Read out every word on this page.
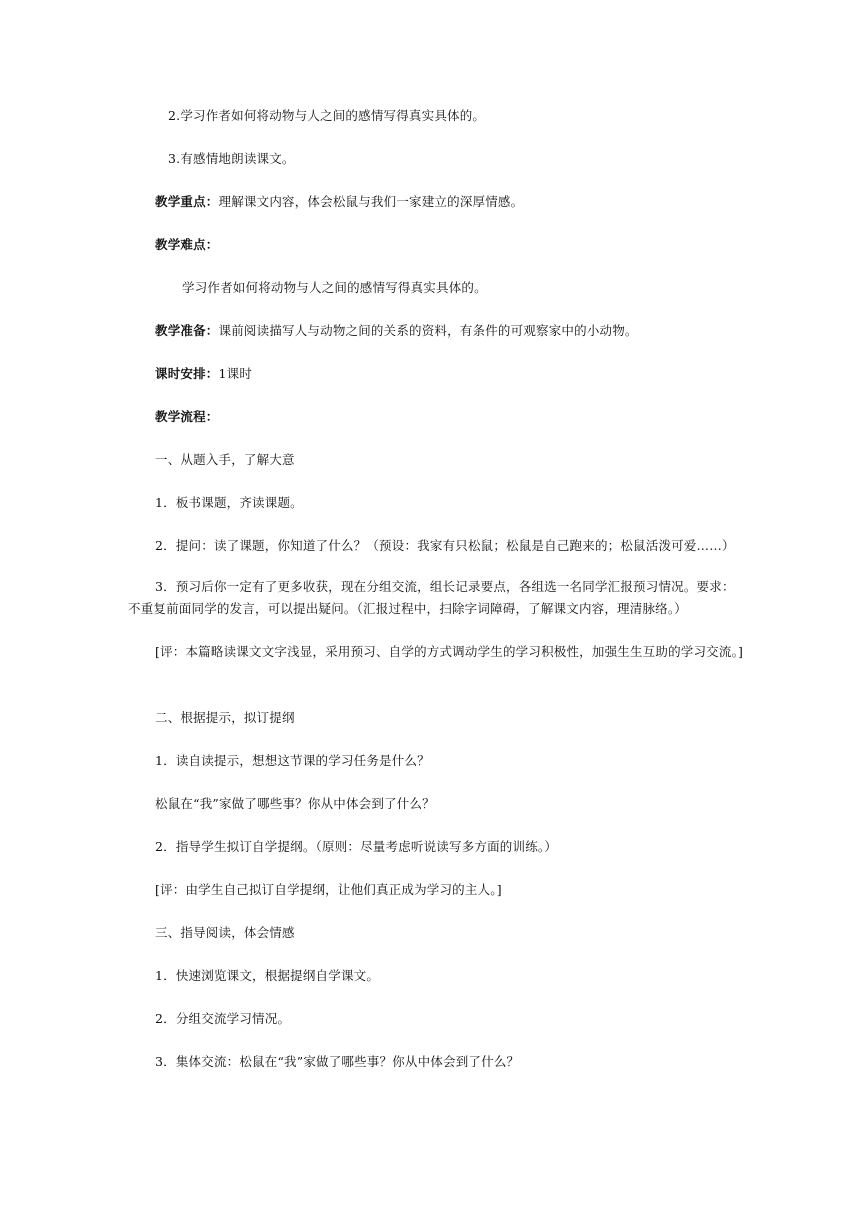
2.学习作者如何将动物与人之间的感情写得真实具体的。
3.有感情地朗读课文。
教学重点：理解课文内容，体会松鼠与我们一家建立的深厚情感。
教学难点：
学习作者如何将动物与人之间的感情写得真实具体的。
教学准备：课前阅读描写人与动物之间的关系的资料，有条件的可观察家中的小动物。
课时安排：1课时
教学流程：
一、从题入手，了解大意
1．板书课题，齐读课题。
2．提问：读了课题，你知道了什么？（预设：我家有只松鼠；松鼠是自己跑来的；松鼠活泼可爱……）
3．预习后你一定有了更多收获，现在分组交流，组长记录要点，各组选一名同学汇报预习情况。要求：不重复前面同学的发言，可以提出疑问。（汇报过程中，扫除字词障碍，了解课文内容，理清脉络。）
[评：本篇略读课文文字浅显，采用预习、自学的方式调动学生的学习积极性，加强生生互助的学习交流。]
二、根据提示，拟订提纲
1．读自读提示，想想这节课的学习任务是什么？
松鼠在“我”家做了哪些事？你从中体会到了什么？
2．指导学生拟订自学提纲。（原则：尽量考虑听说读写多方面的训练。）
[评：由学生自己拟订自学提纲，让他们真正成为学习的主人。]
三、指导阅读，体会情感
1．快速浏览课文，根据提纲自学课文。
2．分组交流学习情况。
3．集体交流：松鼠在“我”家做了哪些事？你从中体会到了什么？
